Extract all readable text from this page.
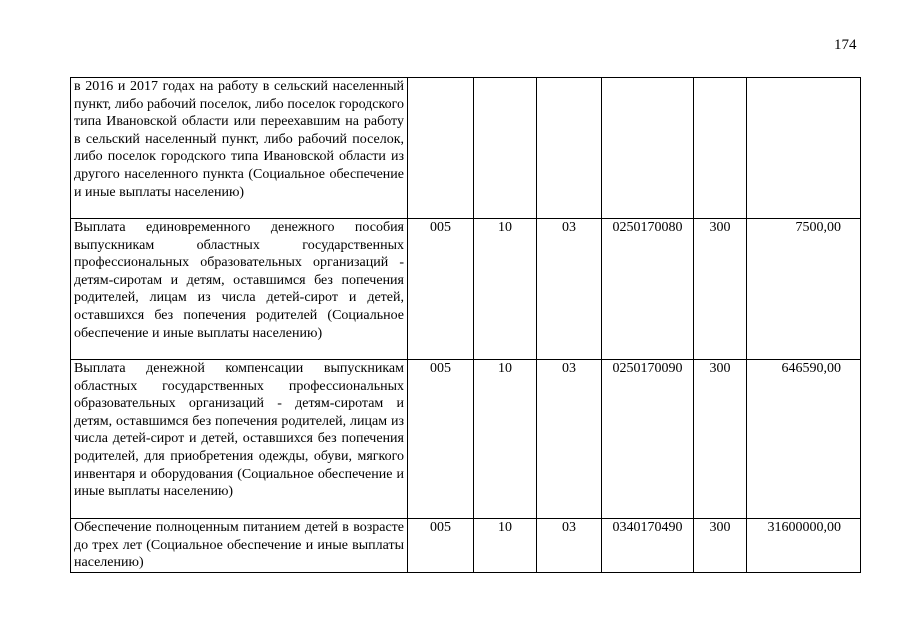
174
в 2016 и 2017 годах на работу в сельский населенный пункт, либо рабочий поселок, либо поселок городского типа Ивановской области или переехавшим на работу в сельский населенный пункт, либо рабочий поселок, либо поселок городского типа Ивановской области из другого населенного пункта (Социальное обеспечение и иные выплаты населению)						
Выплата единовременного денежного пособия выпускникам областных государственных профессиональных образовательных организаций - детям-сиротам и детям, оставшимся без попечения родителей, лицам из числа детей-сирот и детей, оставшихся без попечения родителей (Социальное обеспечение и иные выплаты населению)	005	10	03	0250170080	300	7500,00
Выплата денежной компенсации выпускникам областных государственных профессиональных образовательных организаций - детям-сиротам и детям, оставшимся без попечения родителей, лицам из числа детей-сирот и детей, оставшихся без попечения родителей, для приобретения одежды, обуви, мягкого инвентаря и оборудования (Социальное обеспечение и иные выплаты населению)	005	10	03	0250170090	300	646590,00
Обеспечение полноценным питанием детей в возрасте до трех лет (Социальное обеспечение и иные выплаты населению)	005	10	03	0340170490	300	31600000,00
